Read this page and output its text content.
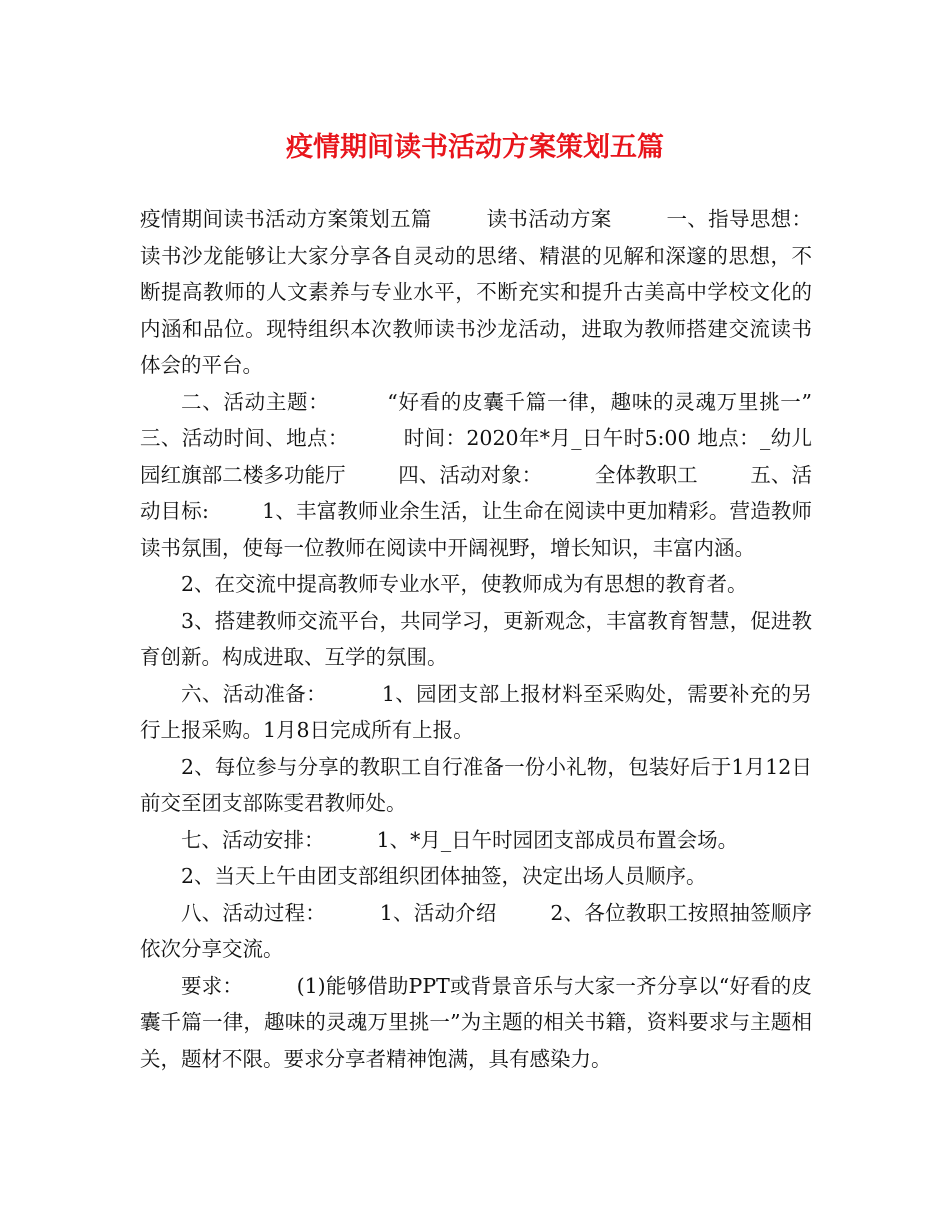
疫情期间读书活动方案策划五篇

疫情期间读书活动方案策划五篇        读书活动方案        一、指导思想：        读书沙龙能够让大家分享各自灵动的思绪、精湛的见解和深邃的思想，不断提高教师的人文素养与专业水平，不断充实和提升古美高中学校文化的内涵和品位。现特组织本次教师读书沙龙活动，进取为教师搭建交流读书体会的平台。

二、活动主题：        “好看的皮囊千篇一律，趣味的灵魂万里挑一”        三、活动时间、地点：        时间：2020年*月_日午时5:00 地点：_幼儿园红旗部二楼多功能厅        四、活动对象：        全体教职工        五、活动目标:        1、丰富教师业余生活，让生命在阅读中更加精彩。营造教师读书氛围，使每一位教师在阅读中开阔视野，增长知识，丰富内涵。

2、在交流中提高教师专业水平，使教师成为有思想的教育者。

3、搭建教师交流平台，共同学习，更新观念，丰富教育智慧，促进教育创新。构成进取、互学的氛围。

六、活动准备：        1、园团支部上报材料至采购处，需要补充的另行上报采购。1月8日完成所有上报。

2、每位参与分享的教职工自行准备一份小礼物，包装好后于1月12日前交至团支部陈雯君教师处。

七、活动安排：        1、*月_日午时园团支部成员布置会场。

2、当天上午由团支部组织团体抽签，决定出场人员顺序。

八、活动过程：        1、活动介绍        2、各位教职工按照抽签顺序依次分享交流。

要求：        (1)能够借助PPT或背景音乐与大家一齐分享以“好看的皮囊千篇一律，趣味的灵魂万里挑一”为主题的相关书籍，资料要求与主题相关，题材不限。要求分享者精神饱满，具有感染力。
